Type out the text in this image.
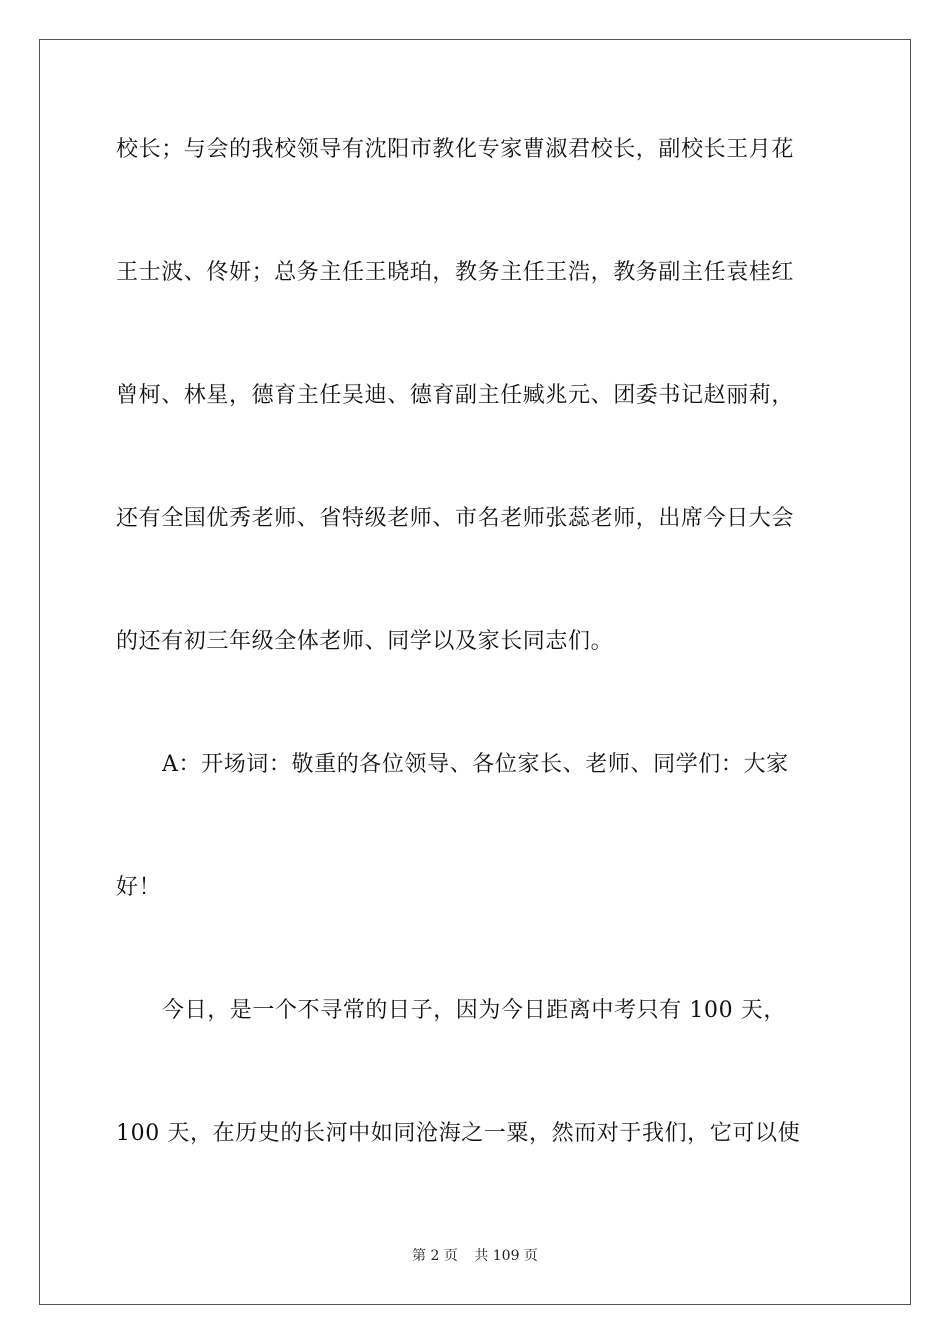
校长；与会的我校领导有沈阳市教化专家曹淑君校长，副校长王月花
王士波、佟妍；总务主任王晓珀，教务主任王浩，教务副主任袁桂红
曾柯、林星，德育主任吴迪、德育副主任臧兆元、团委书记赵丽莉，
还有全国优秀老师、省特级老师、市名老师张蕊老师，出席今日大会
的还有初三年级全体老师、同学以及家长同志们。
A：开场词：敬重的各位领导、各位家长、老师、同学们：大家
好！
今日，是一个不寻常的日子，因为今日距离中考只有 100 天，
100 天，在历史的长河中如同沧海之一粟，然而对于我们，它可以使
第 2 页 共 109 页
